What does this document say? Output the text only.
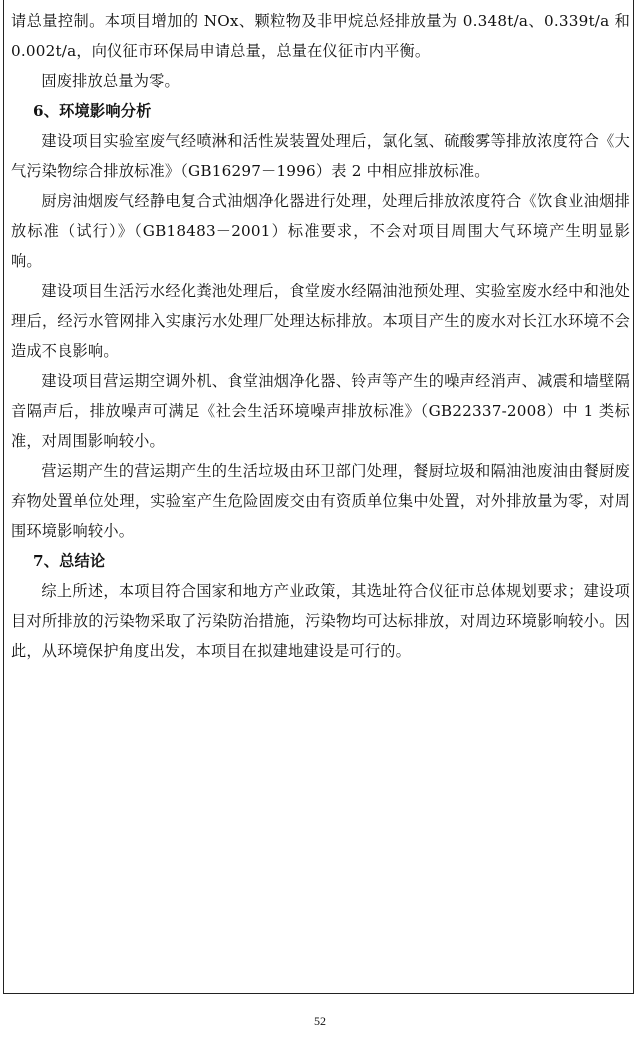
请总量控制。本项目增加的 NOx、颗粒物及非甲烷总烃排放量为 0.348t/a、0.339t/a 和 0.002t/a，向仪征市环保局申请总量，总量在仪征市内平衡。

固废排放总量为零。

6、环境影响分析

建设项目实验室废气经喷淋和活性炭装置处理后，氯化氢、硫酸雾等排放浓度符合《大气污染物综合排放标准》（GB16297－1996）表 2 中相应排放标准。

厨房油烟废气经静电复合式油烟净化器进行处理，处理后排放浓度符合《饮食业油烟排放标准（试行）》（GB18483－2001）标准要求，不会对项目周围大气环境产生明显影响。

建设项目生活污水经化粪池处理后，食堂废水经隔油池预处理、实验室废水经中和池处理后，经污水管网排入实康污水处理厂处理达标排放。本项目产生的废水对长江水环境不会造成不良影响。

建设项目营运期空调外机、食堂油烟净化器、铃声等产生的噪声经消声、减震和墙壁隔音隔声后，排放噪声可满足《社会生活环境噪声排放标准》（GB22337-2008）中 1 类标准，对周围影响较小。

营运期产生的营运期产生的生活垃圾由环卫部门处理，餐厨垃圾和隔油池废油由餐厨废弃物处置单位处理，实验室产生危险固废交由有资质单位集中处置，对外排放量为零，对周围环境影响较小。

7、总结论

综上所述，本项目符合国家和地方产业政策，其选址符合仪征市总体规划要求；建设项目对所排放的污染物采取了污染防治措施，污染物均可达标排放，对周边环境影响较小。因此，从环境保护角度出发，本项目在拟建地建设是可行的。

52
